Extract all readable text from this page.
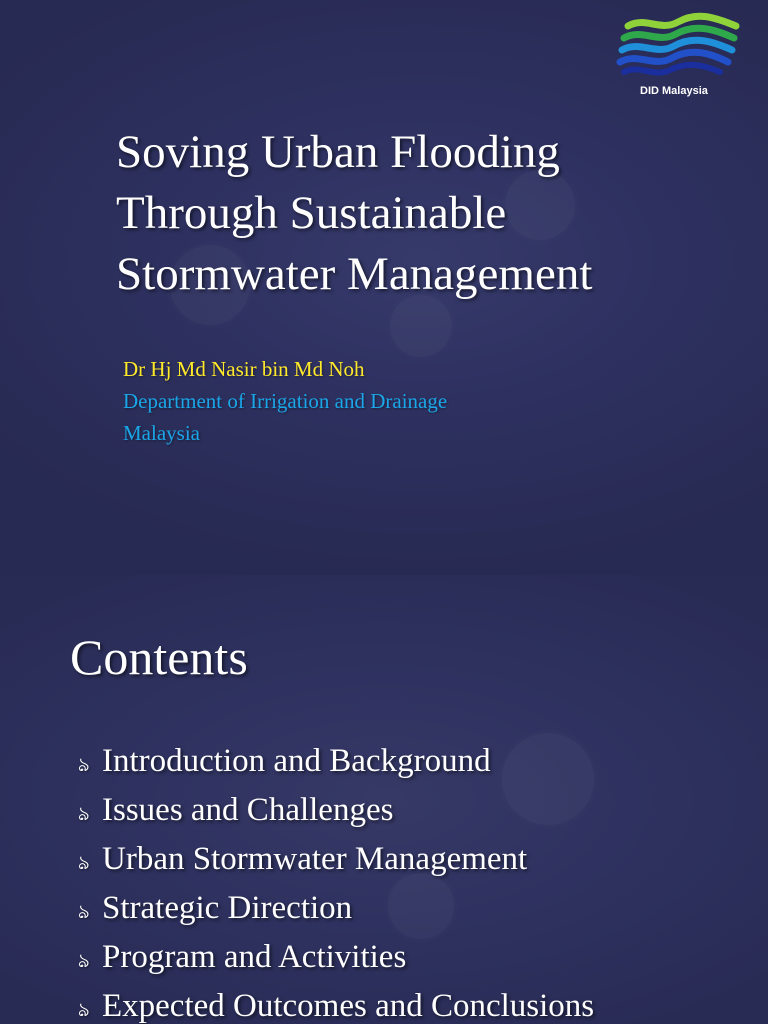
DID Malaysia
Soving Urban Flooding
Through Sustainable
Stormwater Management
Dr Hj Md Nasir bin Md Noh
Department of Irrigation and Drainage
Malaysia
Contents
ঌ Introduction and Background
ঌ Issues and Challenges
ঌ Urban Stormwater Management
ঌ Strategic Direction
ঌ Program and Activities
ঌ Expected Outcomes and Conclusions
